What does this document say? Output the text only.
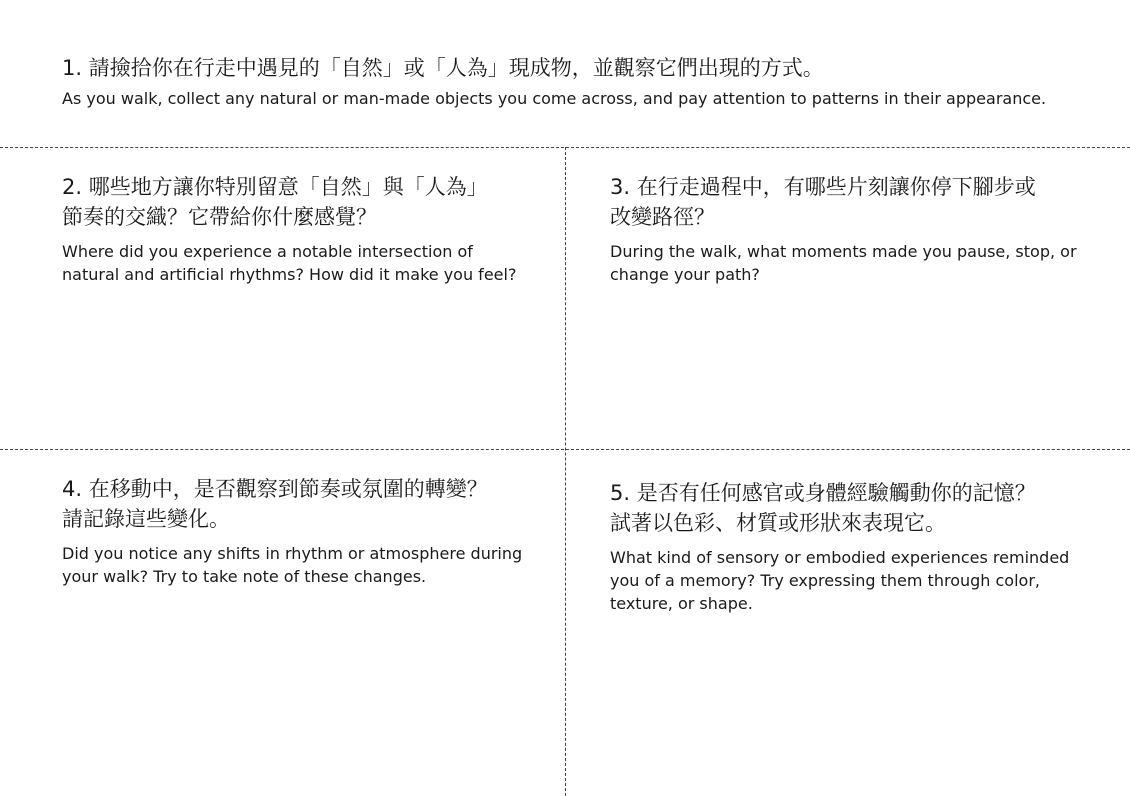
1. 請撿拾你在行走中遇見的「自然」或「人為」現成物，並觀察它們出現的方式。

As you walk, collect any natural or man-made objects you come across, and pay attention to patterns in their appearance.

2. 哪些地方讓你特別留意「自然」與「人為」

節奏的交織？它帶給你什麼感覺？

Where did you experience a notable intersection of

natural and artificial rhythms? How did it make you feel?

3. 在行走過程中，有哪些片刻讓你停下腳步或

改變路徑？

During the walk, what moments made you pause, stop, or

change your path?

4. 在移動中，是否觀察到節奏或氛圍的轉變？

請記錄這些變化。

Did you notice any shifts in rhythm or atmosphere during

your walk? Try to take note of these changes.

5. 是否有任何感官或身體經驗觸動你的記憶？

試著以色彩、材質或形狀來表現它。

What kind of sensory or embodied experiences reminded

you of a memory? Try expressing them through color,

texture, or shape.
